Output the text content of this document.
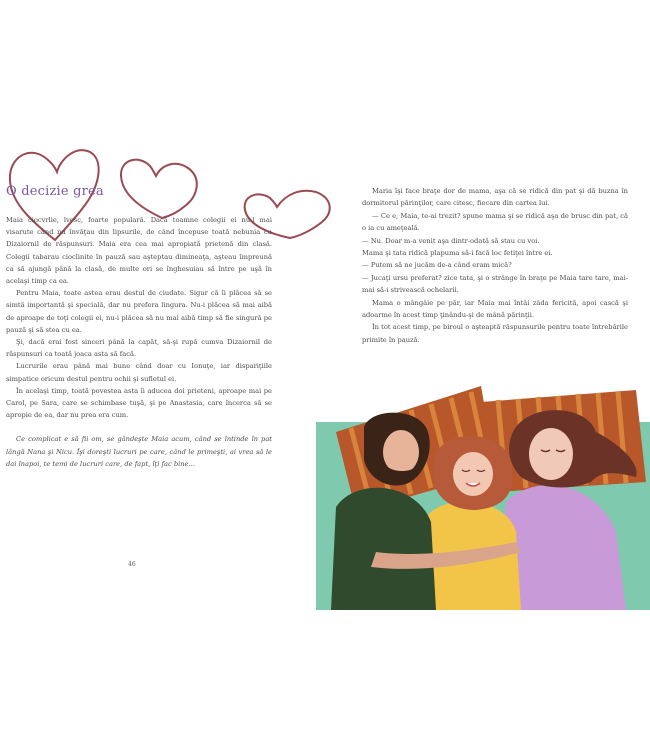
O decizie grea

Maia ciocvrlie, lvesc, foarte populară. Dacă toamne colegii ei nu-l mai visarute când nu învăţau din lipsurile, de când începuse toată nebunia cu Dizaiornil de răspunsuri. Maia era cea mai apropiată prietenă din clasă. Colegii tabarau cioclinite în pauză sau aşteptau dimineaţa, aşteau împreună ca să ajungă până la clasă, de multe ori se înghesuiau să între pe uşă în acelaşi timp ca ea.

Pentru Maia, toate astea erau destul de ciudate. Sigur că îi plăcea să se simtă importantă şi specială, dar nu prefera lingura. Nu-i plăcea să mai aibă de aproape de toţi colegii ei, nu-i plăcea să nu mai aibă timp să fie singură pe pauză şi să stea cu ea.

Şi, dacă erai fost sinceri până la capăt, să-şi rupă cumva Dizaiornil de răspunsuri ca toată joaca asta să facă.

Lucrurile erau până mai bune când doar cu Ionuţe, iar dispariţiile simpatice oricum destul pentru ochii şi sufletul ei.

În acelaşi timp, toată povestea asta îi aducea doi prieteni, aproape mai pe Carol, pe Sara, care se schimbase tuşă, şi pe Anastasia, care încerca să se apropie de ea, dar nu prea era cum.

Ce complicat e să fii om, se gândeşte Maia acum, când se întinde în pat lângă Nana şi Nicu. Îşi doreşti lucruri pe care, când le primeşti, ai vrea să le dai înapoi, te temi de lucruri care, de fapt, îţi fac bine...

46

Maria îşi face braţe dor de mama, aşa că se ridică din pat şi dă buzna în dormitorul părinţilor, care citesc, fiecare din cartea lui.

— Ce e, Maia, te-ai trezit? spune mama şi se ridică aşa de brusc din pat, că o ia cu ameţeală.

— Nu. Doar m-a venit aşa dintr-odată să stau cu voi.

Mama şi tata ridică plapuma să-i facă loc fetiţei între ei.

— Putem să ne jucăm de-a când eram mică?

— Jucaţi ursu preferat? zice tata, şi o strânge în braţe pe Maia tare tare, mai-mai să-i strivească ochelarii.

Mama o mângâie pe păr, iar Maia mai întâi zâda fericită, apoi cască şi adoarme în acest timp ţinându-şi de mână părinţii.

În tot acest timp, pe biroul o aşteaptă răspunsurile pentru toate întrebările primite în pauză.
